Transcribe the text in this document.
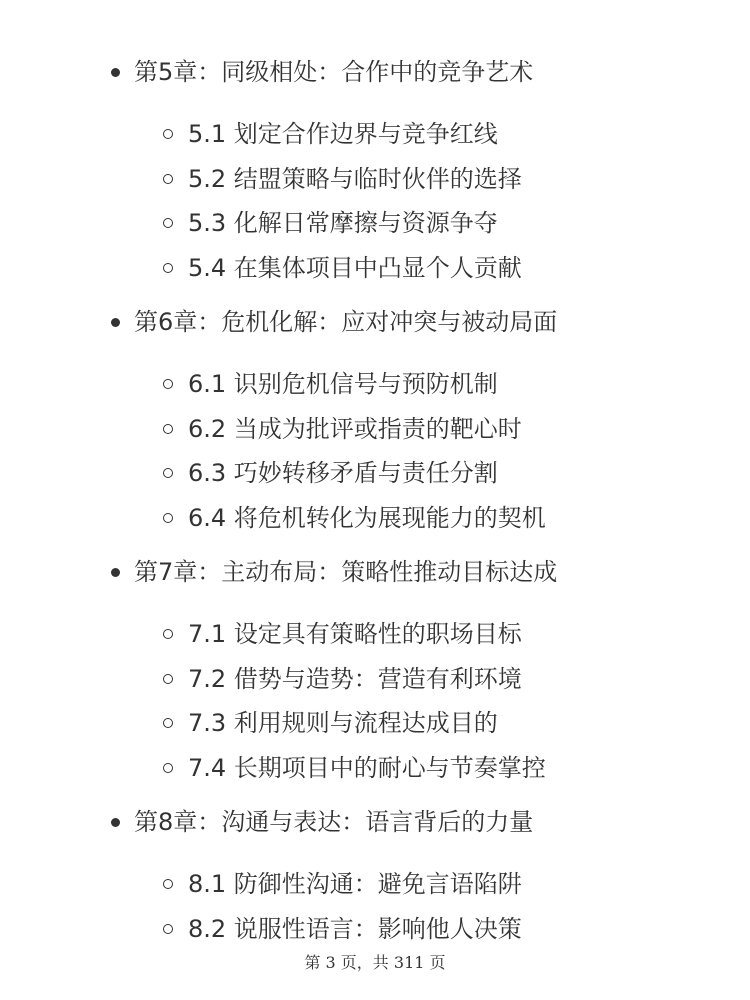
第5章：同级相处：合作中的竞争艺术
5.1 划定合作边界与竞争红线
5.2 结盟策略与临时伙伴的选择
5.3 化解日常摩擦与资源争夺
5.4 在集体项目中凸显个人贡献
第6章：危机化解：应对冲突与被动局面
6.1 识别危机信号与预防机制
6.2 当成为批评或指责的靶心时
6.3 巧妙转移矛盾与责任分割
6.4 将危机转化为展现能力的契机
第7章：主动布局：策略性推动目标达成
7.1 设定具有策略性的职场目标
7.2 借势与造势：营造有利环境
7.3 利用规则与流程达成目的
7.4 长期项目中的耐心与节奏掌控
第8章：沟通与表达：语言背后的力量
8.1 防御性沟通：避免言语陷阱
8.2 说服性语言：影响他人决策
第 3 页，共 311 页
